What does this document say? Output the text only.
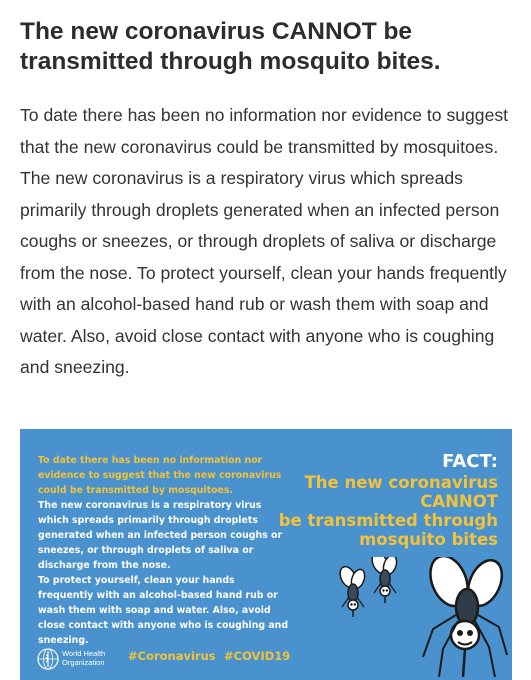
The new coronavirus CANNOT be transmitted through mosquito bites.

To date there has been no information nor evidence to suggest that the new coronavirus could be transmitted by mosquitoes. The new coronavirus is a respiratory virus which spreads primarily through droplets generated when an infected person coughs or sneezes, or through droplets of saliva or discharge from the nose. To protect yourself, clean your hands frequently with an alcohol-based hand rub or wash them with soap and water. Also, avoid close contact with anyone who is coughing and sneezing.

To date there has been no information nor evidence to suggest that the new coronavirus could be transmitted by mosquitoes.

The new coronavirus is a respiratory virus which spreads primarily through droplets generated when an infected person coughs or sneezes, or through droplets of saliva or discharge from the nose.

To protect yourself, clean your hands frequently with an alcohol-based hand rub or wash them with soap and water. Also, avoid close contact with anyone who is coughing and sneezing.

FACT:
The new coronavirus
CANNOT
be transmitted through
mosquito bites
World Health Organization	#Coronavirus #COVID19
